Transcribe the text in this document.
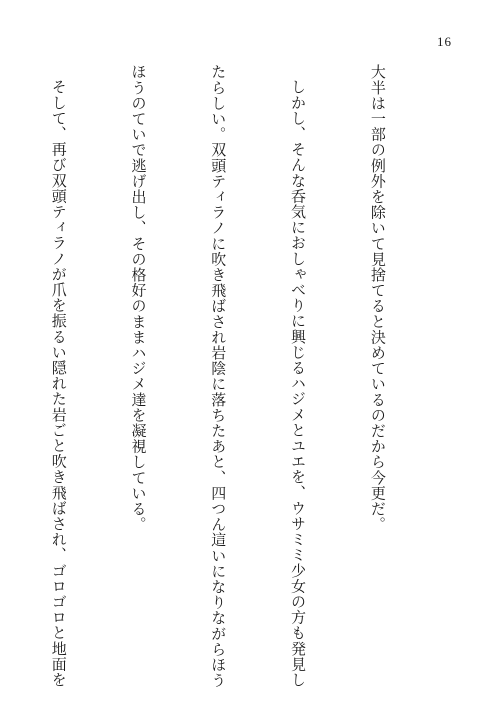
16

大半は一部の例外を除いて見捨てると決めているのだから今更だ。

しかし、そんな呑気におしゃべりに興じるハジメとユエを、ウサミミ少女の方も発見し

たらしい。双頭ティラノに吹き飛ばされ岩陰に落ちたあと、四つん這いになりながらほう

ほうのていで逃げ出し、その格好のままハジメ達を凝視している。

そして、再び双頭ティラノが爪を振るい隠れた岩ごと吹き飛ばされ、ゴロゴロと地面を
